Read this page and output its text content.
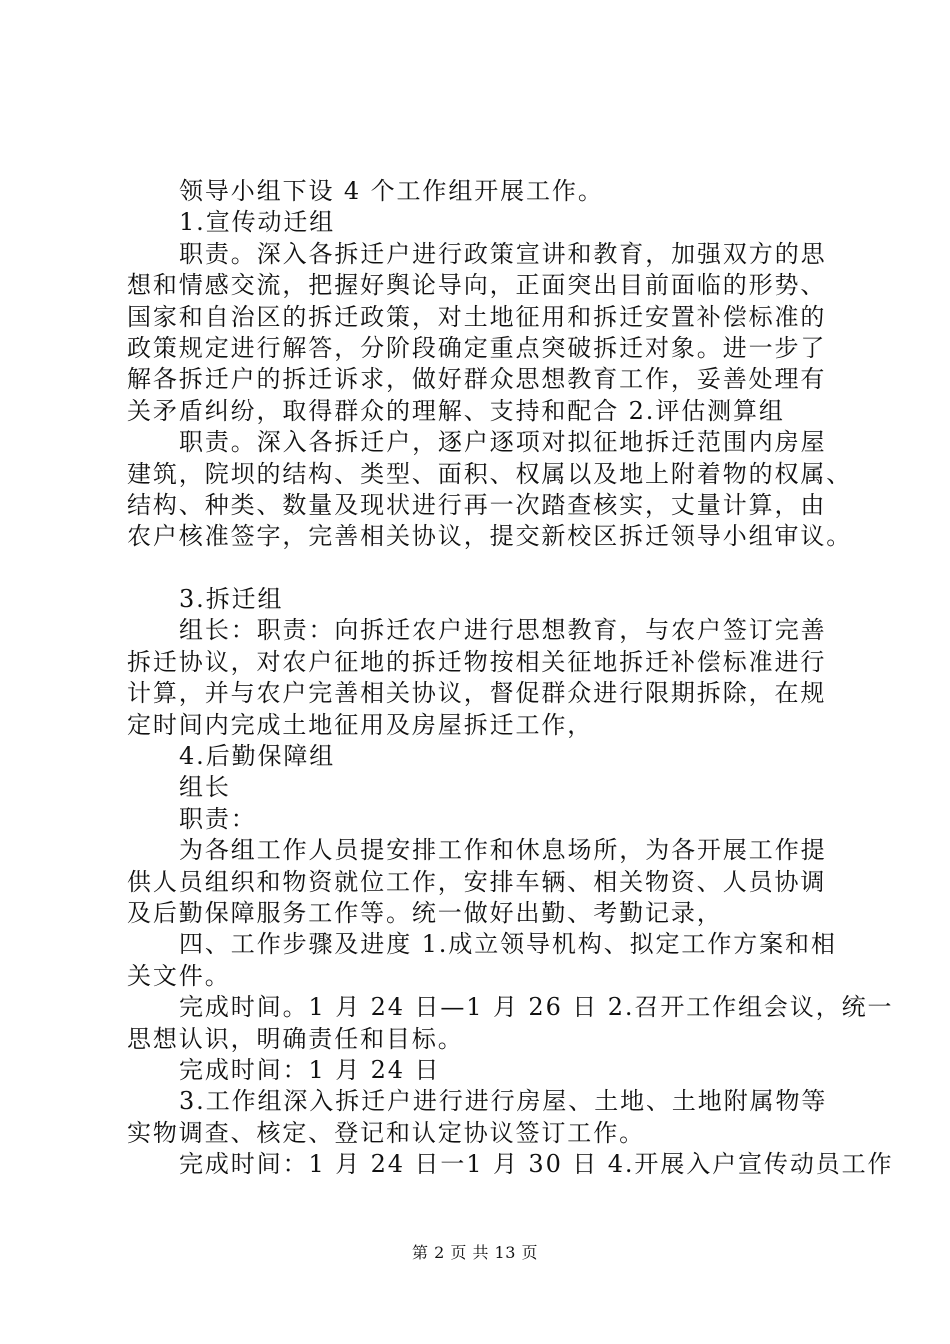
领导小组下设 4 个工作组开展工作。
1.宣传动迁组
职责。深入各拆迁户进行政策宣讲和教育，加强双方的思
想和情感交流，把握好舆论导向，正面突出目前面临的形势、
国家和自治区的拆迁政策，对土地征用和拆迁安置补偿标准的
政策规定进行解答，分阶段确定重点突破拆迁对象。进一步了
解各拆迁户的拆迁诉求，做好群众思想教育工作，妥善处理有
关矛盾纠纷，取得群众的理解、支持和配合 2.评估测算组
职责。深入各拆迁户，逐户逐项对拟征地拆迁范围内房屋
建筑，院坝的结构、类型、面积、权属以及地上附着物的权属、
结构、种类、数量及现状进行再一次踏查核实，丈量计算，由
农户核准签字，完善相关协议，提交新校区拆迁领导小组审议。
3.拆迁组
组长：职责：向拆迁农户进行思想教育，与农户签订完善
拆迁协议，对农户征地的拆迁物按相关征地拆迁补偿标准进行
计算，并与农户完善相关协议，督促群众进行限期拆除，在规
定时间内完成土地征用及房屋拆迁工作，
4.后勤保障组
组长
职责：
为各组工作人员提安排工作和休息场所，为各开展工作提
供人员组织和物资就位工作，安排车辆、相关物资、人员协调
及后勤保障服务工作等。统一做好出勤、考勤记录，
四、工作步骤及进度 1.成立领导机构、拟定工作方案和相
关文件。
完成时间。1 月 24 日—1 月 26 日 2.召开工作组会议，统一
思想认识，明确责任和目标。
完成时间：1 月 24 日
3.工作组深入拆迁户进行进行房屋、土地、土地附属物等
实物调查、核定、登记和认定协议签订工作。
完成时间：1 月 24 日一1 月 30 日 4.开展入户宣传动员工作
第 2 页 共 13 页
